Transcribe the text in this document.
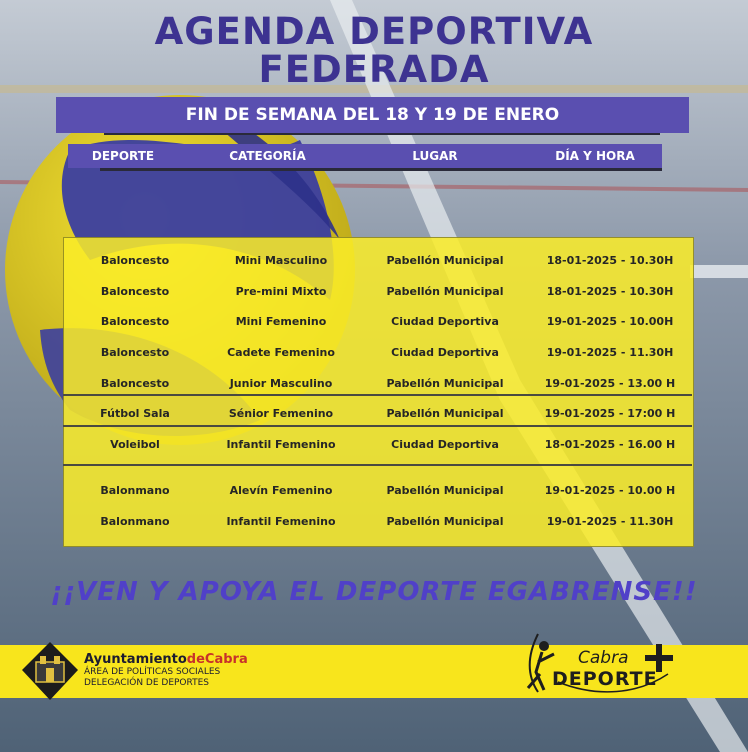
AGENDA DEPORTIVA
FEDERADA
FIN DE SEMANA DEL 18 Y 19 DE ENERO
DEPORTE	CATEGORÍA	LUGAR	DÍA Y HORA
Baloncesto	Mini Masculino	Pabellón Municipal	18-01-2025 - 10.30H
Baloncesto	Pre-mini Mixto	Pabellón Municipal	18-01-2025 - 10.30H
Baloncesto	Mini Femenino	Ciudad Deportiva	19-01-2025 - 10.00H
Baloncesto	Cadete Femenino	Ciudad Deportiva	19-01-2025 - 11.30H
Baloncesto	Junior Masculino	Pabellón Municipal	19-01-2025 - 13.00 H
Fútbol Sala	Sénior Femenino	Pabellón Municipal	19-01-2025 - 17:00 H
Voleibol	Infantil Femenino	Ciudad Deportiva	18-01-2025 - 16.00 H
Balonmano	Alevín Femenino	Pabellón Municipal	19-01-2025 - 10.00 H
Balonmano	Infantil Femenino	Pabellón Municipal	19-01-2025 - 11.30H
¡¡VEN Y APOYA EL DEPORTE EGABRENSE!!
AyuntamientodeCabra
ÁREA DE POLÍTICAS SOCIALES
DELEGACIÓN DE DEPORTES
Cabra
DEPORTE
